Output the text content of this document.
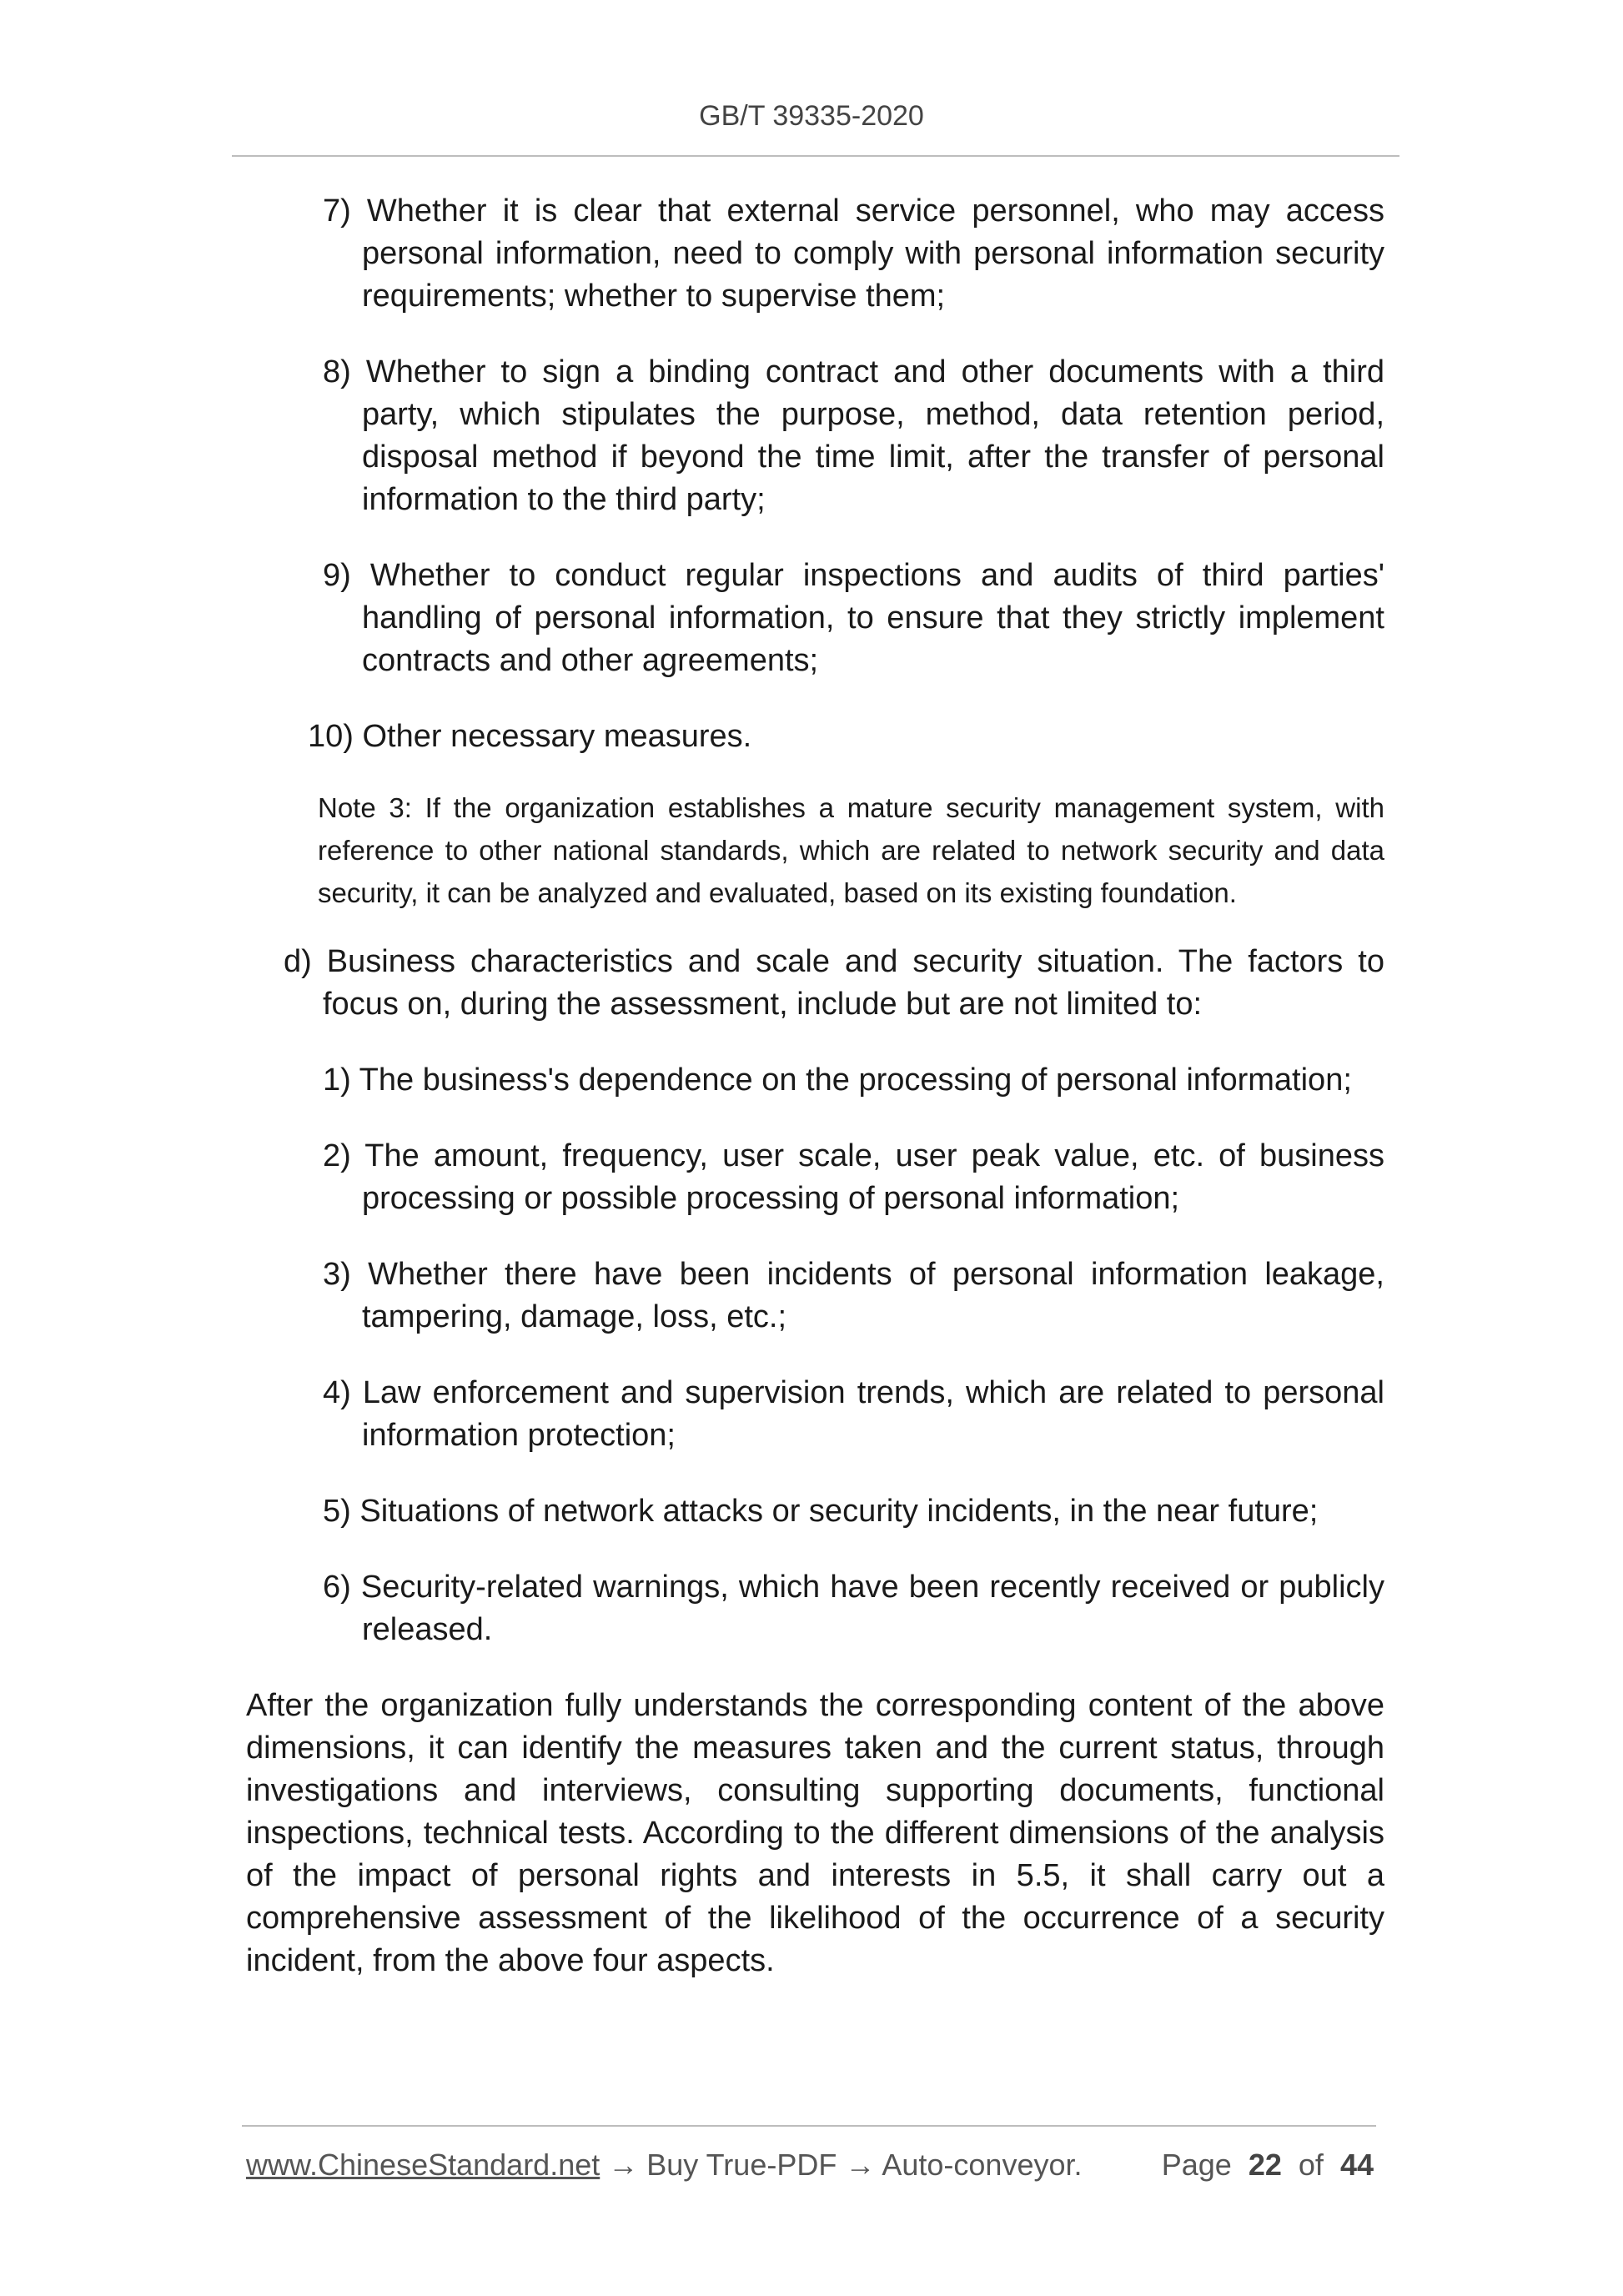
GB/T 39335-2020

7) Whether it is clear that external service personnel, who may access personal information, need to comply with personal information security requirements; whether to supervise them;

8) Whether to sign a binding contract and other documents with a third party, which stipulates the purpose, method, data retention period, disposal method if beyond the time limit, after the transfer of personal information to the third party;

9) Whether to conduct regular inspections and audits of third parties' handling of personal information, to ensure that they strictly implement contracts and other agreements;

10) Other necessary measures.

Note 3: If the organization establishes a mature security management system, with reference to other national standards, which are related to network security and data security, it can be analyzed and evaluated, based on its existing foundation.

d) Business characteristics and scale and security situation. The factors to focus on, during the assessment, include but are not limited to:

1) The business's dependence on the processing of personal information;

2) The amount, frequency, user scale, user peak value, etc. of business processing or possible processing of personal information;

3) Whether there have been incidents of personal information leakage, tampering, damage, loss, etc.;

4) Law enforcement and supervision trends, which are related to personal information protection;

5) Situations of network attacks or security incidents, in the near future;

6) Security-related warnings, which have been recently received or publicly released.

After the organization fully understands the corresponding content of the above dimensions, it can identify the measures taken and the current status, through investigations and interviews, consulting supporting documents, functional inspections, technical tests. According to the different dimensions of the analysis of the impact of personal rights and interests in 5.5, it shall carry out a comprehensive assessment of the likelihood of the occurrence of a security incident, from the above four aspects.

www.ChineseStandard.net → Buy True-PDF → Auto-conveyor.	Page 22 of 44
